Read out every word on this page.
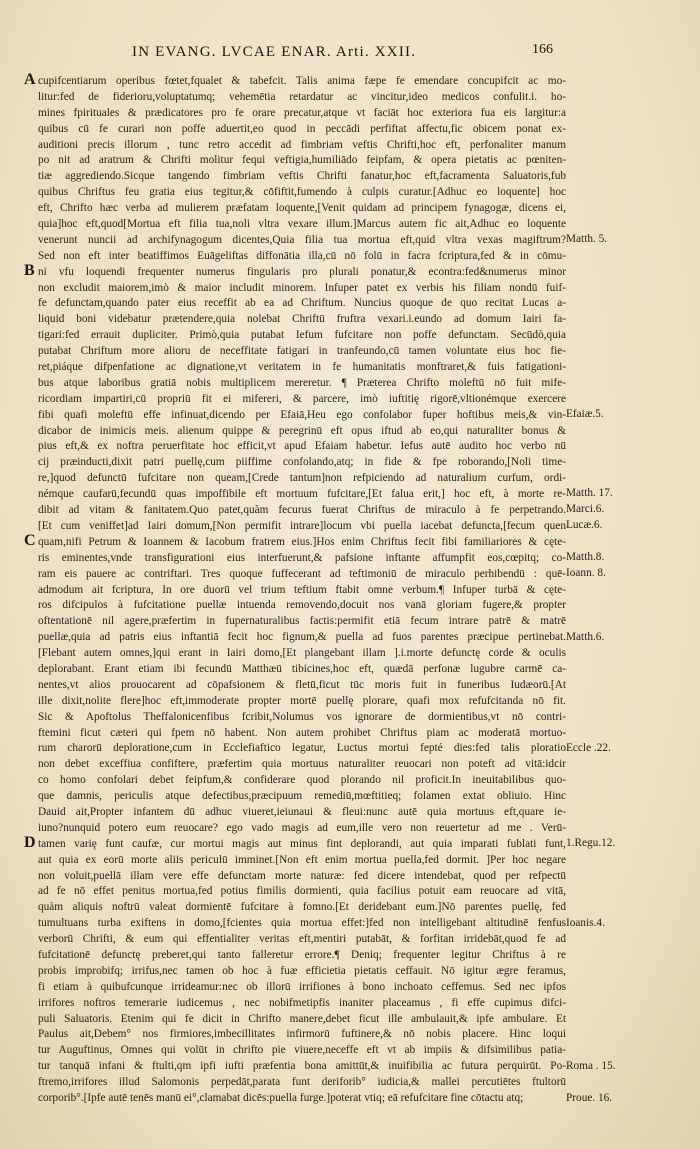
IN EVANG. LVCAE ENAR. Arti. XXII.	166
cupifcentiarum operibus fœtet,fqualet & tabefcit. Talis anima fæpe fe emendare concupifcit ac mo-
litur:fed de fiderioru,voluptatumq; vehemētia retardatur ac vincitur,ideo medicos confulit.i. ho-
mines fpirituales & prædicatores pro fe orare precatur,atque vt faciāt hoc exteriora fua eis largitur:a
quibus cū fe curari non poffe aduertit,eo quod in peccādi perfiftat affectu,fic obicem ponat ex-
auditioni precis illorum , tunc retro accedit ad fimbriam veftis Chrifti,hoc eft, perfonaliter manum
po nit ad aratrum & Chrifti molitur fequi veftigia,humiliādo feipfam, & opera pietatis ac pœniten-
tiæ aggrediendo.Sicque tangendo fimbriam veftis Chrifti fanatur,hoc eft,facramenta Saluatoris,fub
quibus Chriftus feu gratia eius tegitur,& cōfiftit,fumendo à culpis curatur.[Adhuc eo loquente] hoc
eft, Chrifto hæc verba ad mulierem præfatam loquente,[Venit quidam ad principem fynagogæ, dicens ei,
quia]hoc eft,quod[Mortua eft filia tua,noli vltra vexare illum.]Marcus autem fic ait,Adhuc eo loquente
venerunt nuncii ad archifynagogum dicentes,Quia filia tua mortua eft,quid vltra vexas magiftrum?
Sed non eft inter beatiffimos Euāgeliftas diffonātia illa,cū nō folū in facra fcriptura,fed & in cōmu-
ni vfu loquendi frequenter numerus fingularis pro plurali ponatur,& econtra:fed&numerus minor
non excludit maiorem,imò & maior includit minorem. Infuper patet ex verbis his filiam nondū fuif-
fe defunctam,quando pater eius receffit ab ea ad Chriftum. Nuncius quoque de quo recitat Lucas a-
liquid boni videbatur prætendere,quia nolebat Chriftū fruftra vexari.i.eundo ad domum Iairi fa-
tigari:fed errauit dupliciter. Primò,quia putabat Iefum fufcitare non poffe defunctam. Secūdò,quia
putabat Chriftum more alioru de neceffitate fatigari in tranfeundo,cū tamen voluntate eius hoc fie-
ret,piáque difpenfatione ac dignatione,vt veritatem in fe humanitatis monftraret,& fuis fatigationi-
bus atque laboribus gratiā nobis multiplicem mereretur. ¶ Præterea Chrifto moleftū nō fuit mife-
ricordiam impartiri,cū propriū fit ei mifereri, & parcere, imò iuftitię rigorē,vltionémque exercere
fibi quafi moleftū effe infinuat,dicendo per Efaiā,Heu ego confolabor fuper hoftibus meis,& vin-
dicabor de inimicis meis. alienum quippe & peregrinū eft opus iftud ab eo,qui naturaliter bonus &
pius eft,& ex noftra peruerfitate hoc efficit,vt apud Efaiam habetur. Iefus autē audito hoc verbo nū
cij præinducti,dixit patri puellę,cum piiffime confolando,atq; in fide & fpe roborando,[Noli time-
re,]quod defunctū fufcitare non queam,[Crede tantum]non refpiciendo ad naturalium curfum, ordi-
némque caufarū,fecundū quas impoffibile eft mortuum fufcitare,[Et falua erit,] hoc eft, à morte re-
dibit ad vitam & fanitatem.Quo patet,quàm fecurus fuerat Chriftus de miraculo à fe perpetrando.
[Et cum veniffet]ad Iairi domum,[Non permifit intrare]locum vbi puella iacebat defuncta,[fecum quen
quam,nifi Petrum & Ioannem & Iacobum fratrem eius.]Hos enim Chriftus fecit fibi familiariores & cęte-
ris eminentes,vnde transfigurationi eius interfuerunt,& pafsione inftante affumpfit eos,cœpitq; co-
ram eis pauere ac contriftari. Tres quoque fuffecerant ad teftimoniū de miraculo perhibendū : quē-
admodum ait fcriptura, In ore duorū vel trium teftium ftabit omne verbum.¶ Infuper turbā & cęte-
ros difcipulos à fufcitatione puellæ intuenda removendo,docuit nos vanā gloriam fugere,& propter
oftentationē nil agere,præfertim in fupernaturalibus factis:permifit etiā fecum intrare patrē & matrē
puellæ,quia ad patris eius inftantiā fecit hoc fignum,& puella ad fuos parentes præcipue pertinebat.
[Flebant autem omnes,]qui erant in Iairi domo,[Et plangebant illam ].i.morte defunctę corde & oculis
deplorabant. Erant etiam ibi fecundū Matthæū tibicines,hoc eft, quædā perfonæ lugubre carmē ca-
nentes,vt alios prouocarent ad cōpafsionem & fletū,ficut tūc moris fuit in funeribus Iudæorū.[At
ille dixit,nolite flere]hoc eft,immoderate propter mortē puellę plorare, quafi mox refufcitanda nō fit.
Sic & Apoftolus Theffalonicenfibus fcribit,Nolumus vos ignorare de dormientibus,vt nō contri-
ftemini ficut cæteri qui fpem nō habent. Non autem prohibet Chriftus piam ac moderatā mortuo-
rum charorū deploratione,cum in Ecclefiaftico legatur, Luctus mortui fepté dies:fed talis ploratio
non debet exceffiua confiftere, præfertim quia mortuus naturaliter reuocari non poteft ad vitā:idcir
co homo confolari debet feipfum,& confiderare quod plorando nil proficit.In ineuitabilibus quo-
que damnis, periculis atque defectibus,præcipuum remediū,mœftitieq; folamen extat obliuio. Hinc
Dauid ait,Propter infantem dū adhuc viueret,ieiunaui & fleui:nunc autē quia mortuus eft,quare ie-
iuno?nunquid potero eum reuocare? ego vado magis ad eum,ille vero non reuertetur ad me . Verū-
tamen varię funt caufæ, cur mortui magis aut minus fint deplorandi, aut quia imparati fublati funt,
aut quia ex eorū morte aliis periculū imminet.[Non eft enim mortua puella,fed dormit. ]Per hoc negare
non voluit,puellā illam vere effe defunctam morte naturæ: fed dicere intendebat, quod per refpectū
ad fe nō effet penitus mortua,fed potius fimilis dormienti, quia facilius potuit eam reuocare ad vitā,
quàm aliquis noftrū valeat dormientē fufcitare à fomno.[Et deridebant eum.]Nō parentes puellę, fed
tumultuans turba exiftens in domo,[fcientes quia mortua effet:]fed non intelligebant altitudinē fenfus
verborū Chrifti, & eum qui effentialiter veritas eft,mentiri putabāt, & forfitan irridebāt,quod fe ad
fufcitationē defunctę preberet,qui tanto falleretur errore.¶ Deniq; frequenter legitur Chriftus à re
probis improbifq; irrifus,nec tamen ob hoc à fuæ efficietia pietatis ceffauit. Nō igitur ægre feramus,
fi etiam à quibufcunque irrideamur:nec ob illorū irrifiones à bono inchoato ceffemus. Sed nec ipfos
irrifores noftros temerarie iudicemus , nec nobifmetipfis inaniter placeamus , fi effe cupimus difci-
puli Saluatoris. Etenim qui fe dicit in Chrifto manere,debet ficut ille ambulauit,& ipfe ambulare. Et
Paulus ait,Debem° nos firmiores,imbecillitates infirmorū fuftinere,& nō nobis placere. Hinc loqui
tur Auguftinus, Omnes qui volūt in chrifto pie viuere,neceffe eft vt ab impiis & difsimilibus patia-
tur tanquā infani & ftulti,qm ipfi iufti præfentia bona amittūt,& inuifibilia ac futura perquirūt. Po-
ftremo,irrifores illud Salomonis perpedāt,parata funt deriforib° iudicia,& mallei percutiētes ftultorū
corporib°.[Ipfe autē tenēs manū ei°,clamabat dicēs:puella furge.]poterat vtiq; eā refufcitare fine cōtactu atq;
A
B
C
D
Matth. 5.
Efaiæ.5.
Matth. 17.
Marci.6.
Lucæ.6.
Matth.8.
Ioann. 8.
Matth.6.
Eccle .22.
1.Regu.12.
Ioanis.4.
Roma . 15.
Proue. 16.
